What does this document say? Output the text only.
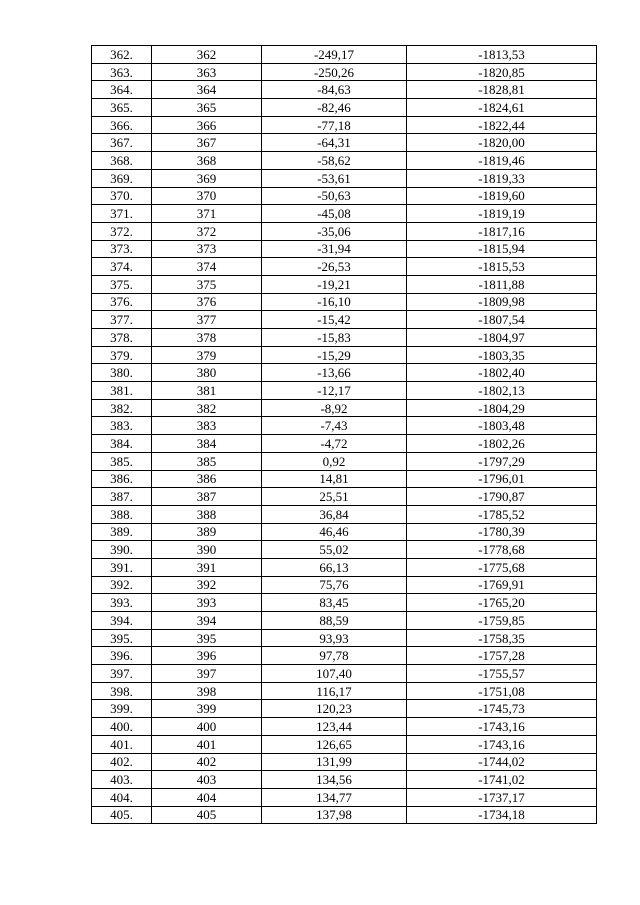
362.	362	-249,17	-1813,53
363.	363	-250,26	-1820,85
364.	364	-84,63	-1828,81
365.	365	-82,46	-1824,61
366.	366	-77,18	-1822,44
367.	367	-64,31	-1820,00
368.	368	-58,62	-1819,46
369.	369	-53,61	-1819,33
370.	370	-50,63	-1819,60
371.	371	-45,08	-1819,19
372.	372	-35,06	-1817,16
373.	373	-31,94	-1815,94
374.	374	-26,53	-1815,53
375.	375	-19,21	-1811,88
376.	376	-16,10	-1809,98
377.	377	-15,42	-1807,54
378.	378	-15,83	-1804,97
379.	379	-15,29	-1803,35
380.	380	-13,66	-1802,40
381.	381	-12,17	-1802,13
382.	382	-8,92	-1804,29
383.	383	-7,43	-1803,48
384.	384	-4,72	-1802,26
385.	385	0,92	-1797,29
386.	386	14,81	-1796,01
387.	387	25,51	-1790,87
388.	388	36,84	-1785,52
389.	389	46,46	-1780,39
390.	390	55,02	-1778,68
391.	391	66,13	-1775,68
392.	392	75,76	-1769,91
393.	393	83,45	-1765,20
394.	394	88,59	-1759,85
395.	395	93,93	-1758,35
396.	396	97,78	-1757,28
397.	397	107,40	-1755,57
398.	398	116,17	-1751,08
399.	399	120,23	-1745,73
400.	400	123,44	-1743,16
401.	401	126,65	-1743,16
402.	402	131,99	-1744,02
403.	403	134,56	-1741,02
404.	404	134,77	-1737,17
405.	405	137,98	-1734,18
